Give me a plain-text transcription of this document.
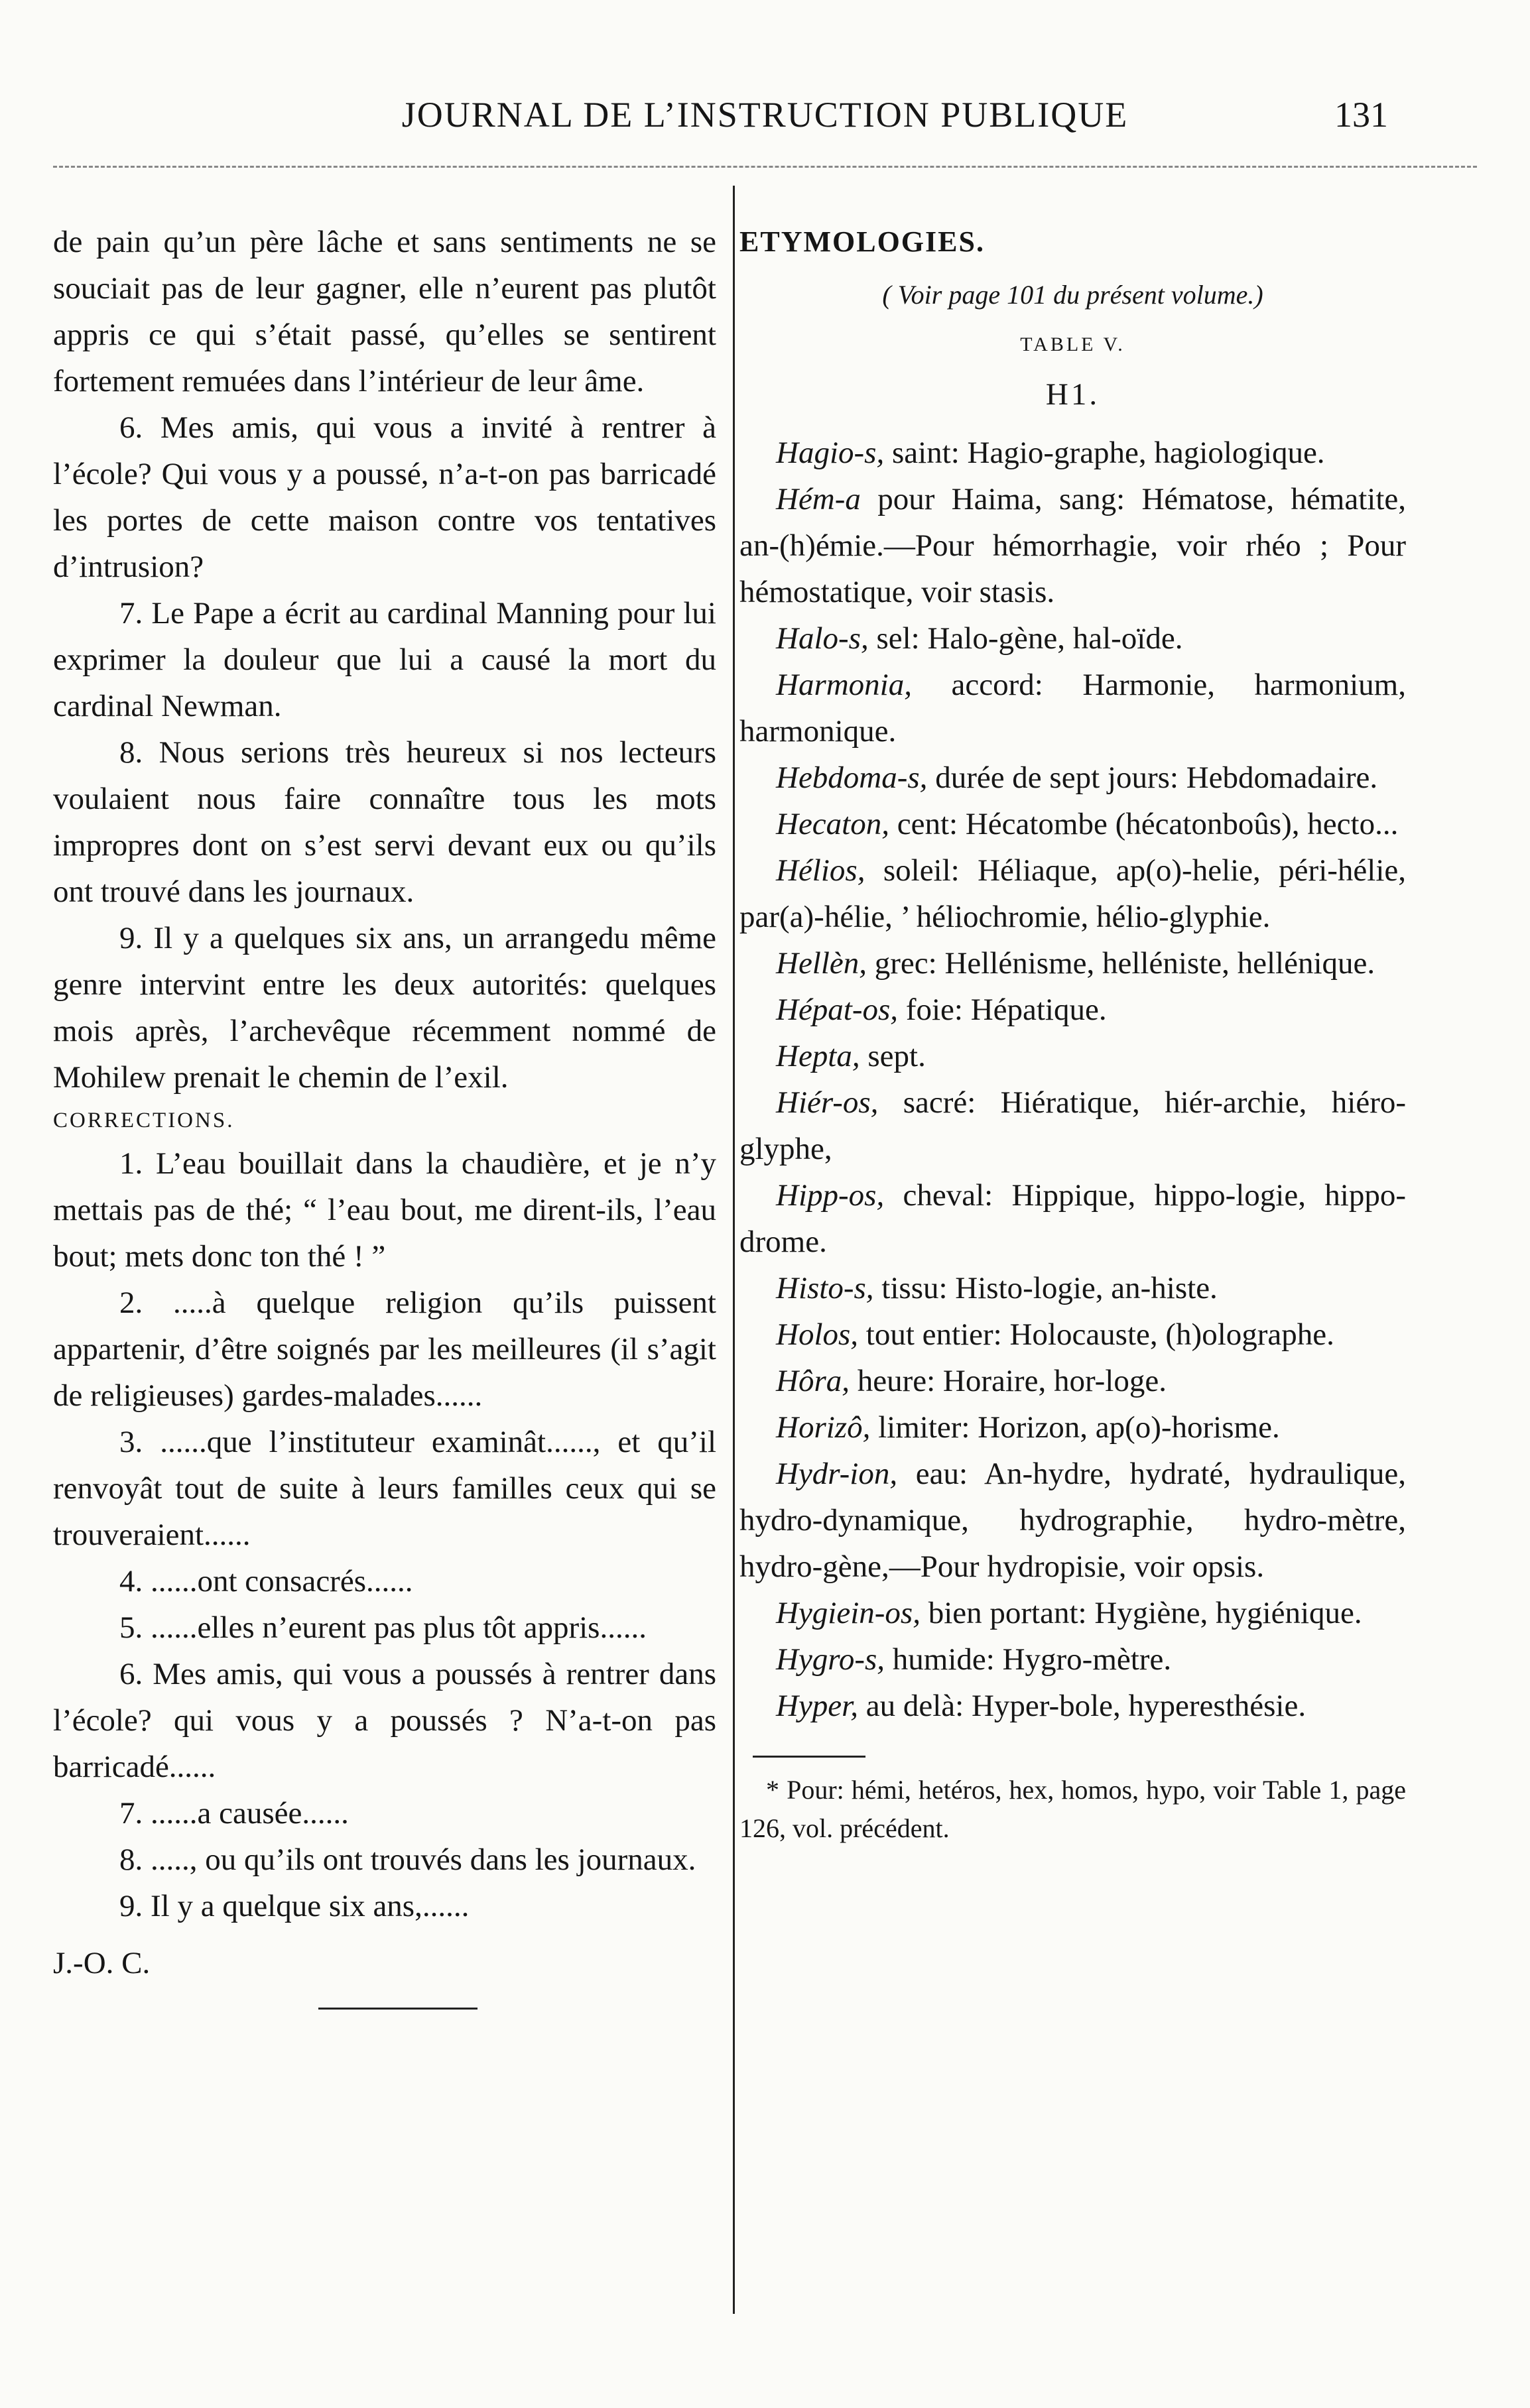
JOURNAL DE L’INSTRUCTION PUBLIQUE	131

de pain qu’un père lâche et sans sentiments ne se souciait pas de leur gagner, elle n’eurent pas plutôt appris ce qui s’était passé, qu’elles se sentirent fortement remuées dans l’intérieur de leur âme.

6. Mes amis, qui vous a invité à rentrer à l’école? Qui vous y a poussé, n’a-t-on pas barricadé les portes de cette maison contre vos tentatives d’intrusion?

7. Le Pape a écrit au cardinal Manning pour lui exprimer la douleur que lui a causé la mort du cardinal Newman.

8. Nous serions très heureux si nos lecteurs voulaient nous faire connaître tous les mots impropres dont on s’est servi devant eux ou qu’ils ont trouvé dans les journaux.

9. Il y a quelques six ans, un arrangedu même genre intervint entre les deux autorités: quelques mois après, l’archevêque récemment nommé de Mohilew prenait le chemin de l’exil.

CORRECTIONS.

1. L’eau bouillait dans la chaudière, et je n’y mettais pas de thé; “ l’eau bout, me dirent-ils, l’eau bout; mets donc ton thé ! ”

2. .....à quelque religion qu’ils puissent appartenir, d’être soignés par les meilleures (il s’agit de religieuses) gardes-malades......

3. ......que l’instituteur examinât......, et qu’il renvoyât tout de suite à leurs familles ceux qui se trouveraient......

4. ......ont consacrés......

5. ......elles n’eurent pas plus tôt appris......

6. Mes amis, qui vous a poussés à rentrer dans l’école? qui vous y a poussés ? N’a-t-on pas barricadé......

7. ......a causée......

8. ....., ou qu’ils ont trouvés dans les journaux.

9. Il y a quelque six ans,......

J.-O. C.

ETYMOLOGIES.

( Voir page 101 du présent volume.)

TABLE V.

H1.

Hagio-s, saint: Hagio-graphe, hagiologique.

Hém-a pour Haima, sang: Hématose, hématite, an-(h)émie.—Pour hémorrhagie, voir rhéo ; Pour hémostatique, voir stasis.

Halo-s, sel: Halo-gène, hal-oïde.

Harmonia, accord: Harmonie, harmonium, harmonique.

Hebdoma-s, durée de sept jours: Hebdomadaire.

Hecaton, cent: Hécatombe (hécatonboûs), hecto...

Hélios, soleil: Héliaque, ap(o)-helie, péri-hélie, par(a)-hélie, ’ héliochromie, hélio-glyphie.

Hellèn, grec: Hellénisme, helléniste, hellénique.

Hépat-os, foie: Hépatique.

Hepta, sept.

Hiér-os, sacré: Hiératique, hiér-archie, hiéro-glyphe,

Hipp-os, cheval: Hippique, hippo-logie, hippo-drome.

Histo-s, tissu: Histo-logie, an-histe.

Holos, tout entier: Holocauste, (h)olographe.

Hôra, heure: Horaire, hor-loge.

Horizô, limiter: Horizon, ap(o)-horisme.

Hydr-ion, eau: An-hydre, hydraté, hydraulique, hydro-dynamique, hydrographie, hydro-mètre, hydro-gène,—Pour hydropisie, voir opsis.

Hygiein-os, bien portant: Hygiène, hygiénique.

Hygro-s, humide: Hygro-mètre.

Hyper, au delà: Hyper-bole, hyperesthésie.

* Pour: hémi, hetéros, hex, homos, hypo, voir Table 1, page 126, vol. précédent.
